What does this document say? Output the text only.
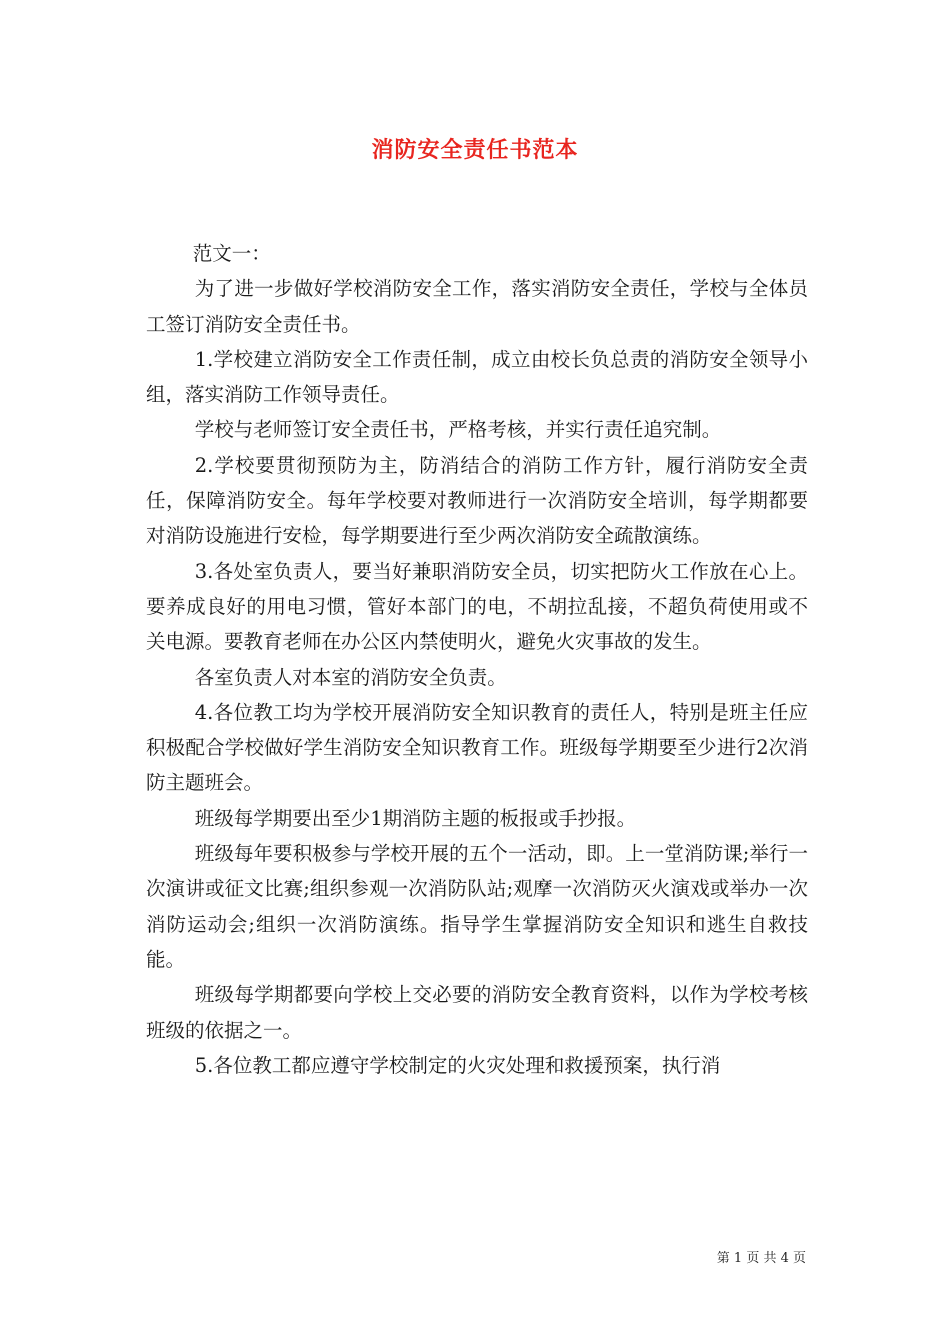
消防安全责任书范本

范文一：

为了进一步做好学校消防安全工作，落实消防安全责任，学校与全体员工签订消防安全责任书。

1.学校建立消防安全工作责任制，成立由校长负总责的消防安全领导小组，落实消防工作领导责任。

学校与老师签订安全责任书，严格考核，并实行责任追究制。

2.学校要贯彻预防为主，防消结合的消防工作方针，履行消防安全责任，保障消防安全。每年学校要对教师进行一次消防安全培训，每学期都要对消防设施进行安检，每学期要进行至少两次消防安全疏散演练。

3.各处室负责人，要当好兼职消防安全员，切实把防火工作放在心上。要养成良好的用电习惯，管好本部门的电，不胡拉乱接，不超负荷使用或不关电源。要教育老师在办公区内禁使明火，避免火灾事故的发生。

各室负责人对本室的消防安全负责。

4.各位教工均为学校开展消防安全知识教育的责任人，特别是班主任应积极配合学校做好学生消防安全知识教育工作。班级每学期要至少进行2次消防主题班会。

班级每学期要出至少1期消防主题的板报或手抄报。

班级每年要积极参与学校开展的五个一活动，即。上一堂消防课;举行一次演讲或征文比赛;组织参观一次消防队站;观摩一次消防灭火演戏或举办一次消防运动会;组织一次消防演练。指导学生掌握消防安全知识和逃生自救技能。

班级每学期都要向学校上交必要的消防安全教育资料，以作为学校考核班级的依据之一。

5.各位教工都应遵守学校制定的火灾处理和救援预案，执行消

第 1 页 共 4 页
